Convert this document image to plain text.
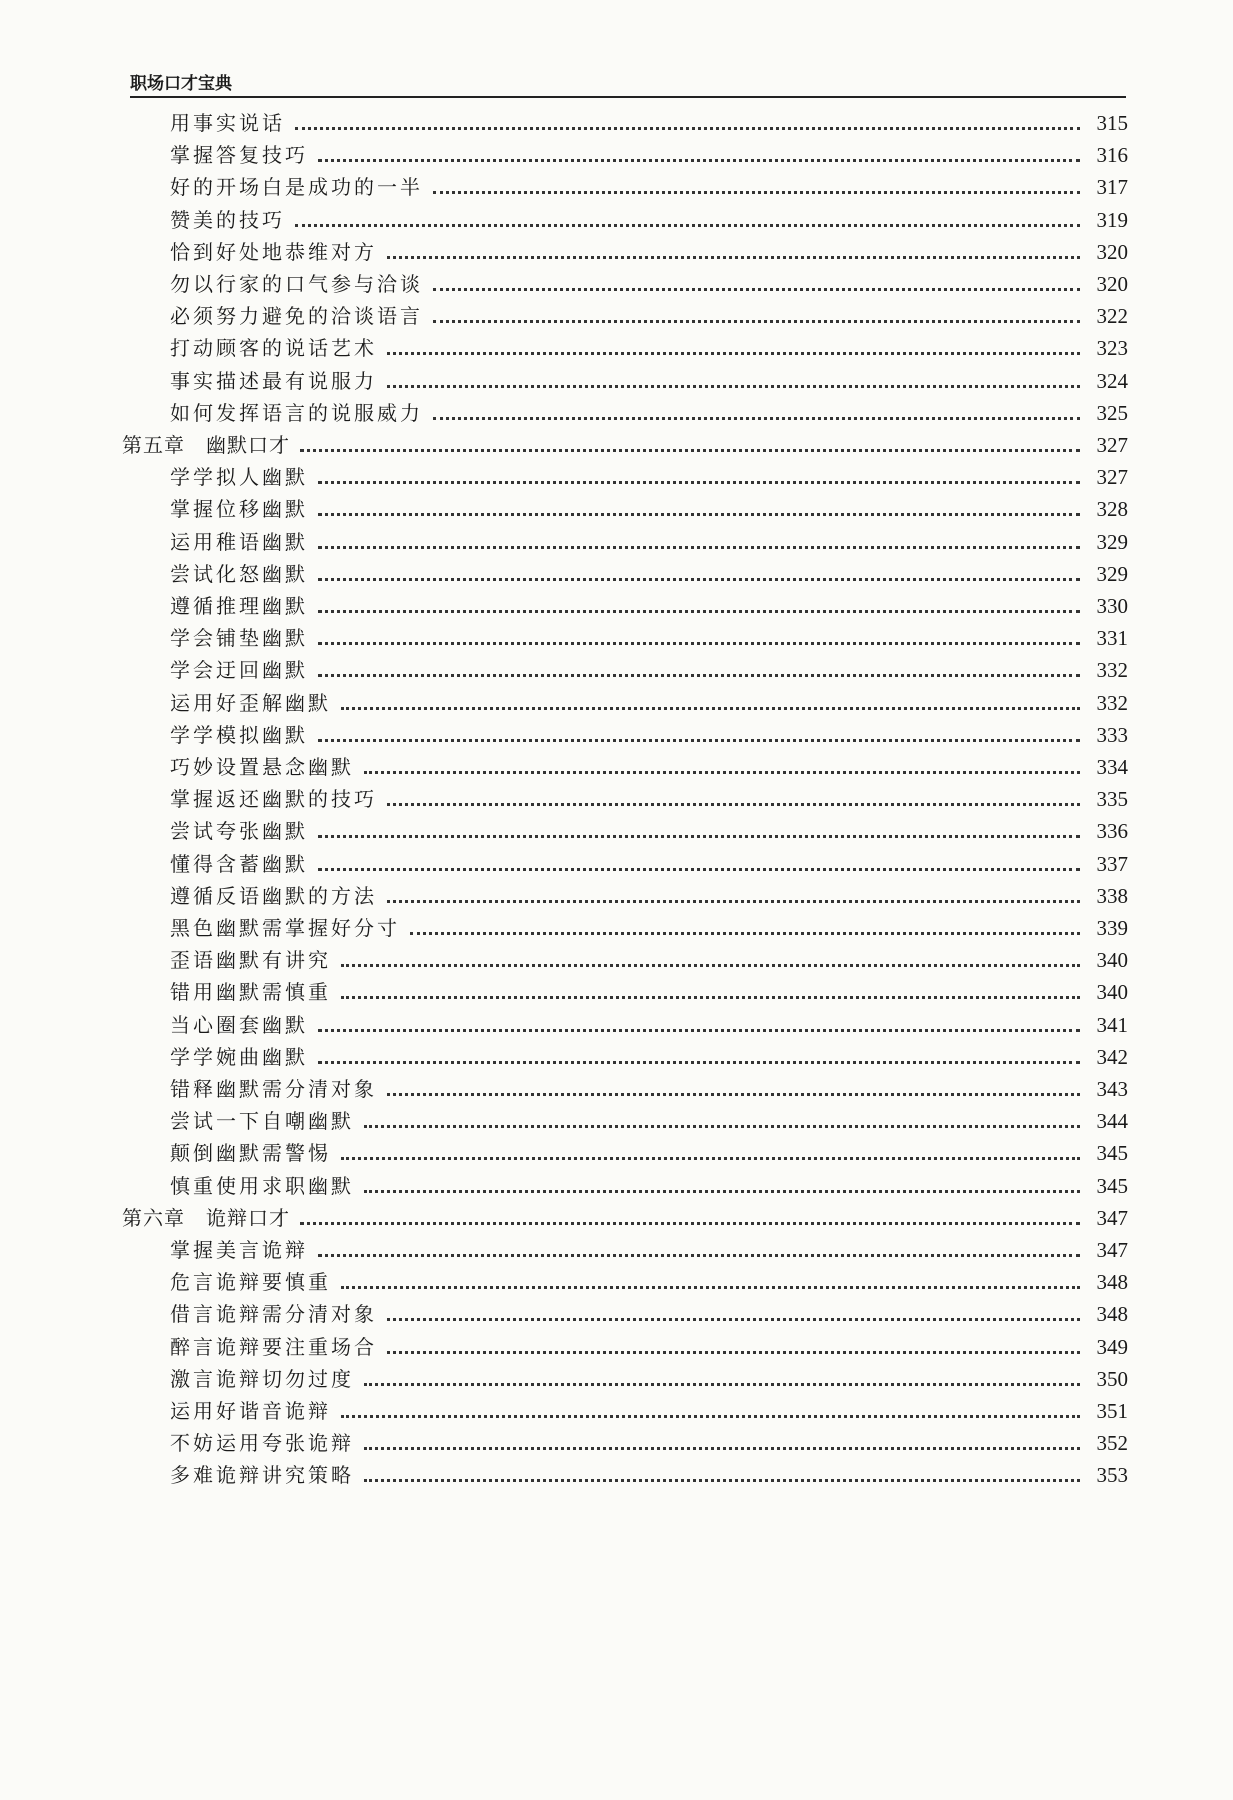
职场口才宝典
用事实说话	315
掌握答复技巧	316
好的开场白是成功的一半	317
赞美的技巧	319
恰到好处地恭维对方	320
勿以行家的口气参与洽谈	320
必须努力避免的洽谈语言	322
打动顾客的说话艺术	323
事实描述最有说服力	324
如何发挥语言的说服威力	325
第五章　幽默口才	327
学学拟人幽默	327
掌握位移幽默	328
运用稚语幽默	329
尝试化怒幽默	329
遵循推理幽默	330
学会铺垫幽默	331
学会迂回幽默	332
运用好歪解幽默	332
学学模拟幽默	333
巧妙设置悬念幽默	334
掌握返还幽默的技巧	335
尝试夸张幽默	336
懂得含蓄幽默	337
遵循反语幽默的方法	338
黑色幽默需掌握好分寸	339
歪语幽默有讲究	340
错用幽默需慎重	340
当心圈套幽默	341
学学婉曲幽默	342
错释幽默需分清对象	343
尝试一下自嘲幽默	344
颠倒幽默需警惕	345
慎重使用求职幽默	345
第六章　诡辩口才	347
掌握美言诡辩	347
危言诡辩要慎重	348
借言诡辩需分清对象	348
醉言诡辩要注重场合	349
激言诡辩切勿过度	350
运用好谐音诡辩	351
不妨运用夸张诡辩	352
多难诡辩讲究策略	353
